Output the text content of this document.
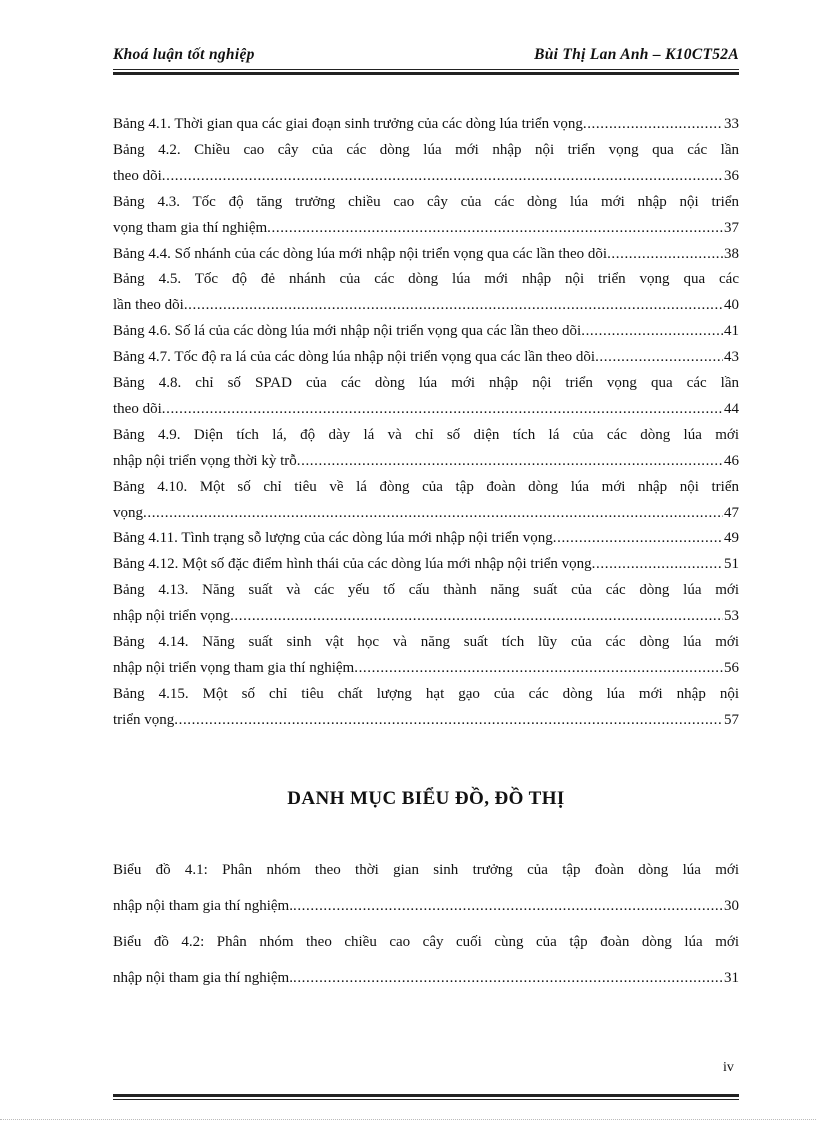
Khoá luận tốt nghiệp	Bùi Thị Lan Anh – K10CT52A
Bảng 4.1. Thời gian qua các giai đoạn sinh trưởng của các dòng lúa triển vọng .....	33
Bảng 4.2. Chiều cao cây của các dòng lúa mới nhập nội triển vọng qua các lần
theo dõi .....	36
Bảng 4.3. Tốc độ tăng trưởng chiều cao cây của các dòng lúa mới nhập nội triển
vọng tham gia thí nghiệm .....	37
Bảng 4.4. Số nhánh của các dòng lúa mới nhập nội triển vọng qua các lần theo dõi .....	38
Bảng 4.5. Tốc độ đẻ nhánh của các dòng lúa mới nhập nội triển vọng qua các
lần theo dõi .....	40
Bảng 4.6. Số lá của các dòng lúa mới nhập nội triển vọng qua các lần theo dõi .....	41
Bảng 4.7. Tốc độ ra lá của các dòng lúa nhập nội triển vọng qua các lần theo dõi .....	43
Bảng 4.8. chỉ số SPAD của các dòng lúa mới nhập nội triển vọng qua các lần
theo dõi .....	44
Bảng 4.9. Diện tích lá, độ dày lá và chỉ số diện tích lá của các dòng lúa mới
nhập nội triển vọng thời kỳ trỗ .....	46
Bảng 4.10. Một số chỉ tiêu về lá đòng của tập đoàn dòng lúa mới nhập nội triển
vọng .....	47
Bảng 4.11. Tình trạng sỗ lượng của các dòng lúa mới nhập nội triển vọng .....	49
Bảng 4.12. Một số đặc điểm hình thái của các dòng lúa mới nhập nội triển vọng .....	51
Bảng 4.13. Năng suất và các yếu tố cấu thành năng suất của các dòng lúa mới
nhập nội triển vọng .....	53
Bảng 4.14. Năng suất sinh vật học và năng suất tích lũy của các dòng lúa mới
nhập nội triển vọng tham gia thí nghiệm .....	56
Bảng 4.15. Một số chỉ tiêu chất lượng hạt gạo của các dòng lúa mới nhập nội
triển vọng .....	57
DANH MỤC BIỂU ĐỒ, ĐỒ THỊ
Biểu đồ 4.1: Phân nhóm theo thời gian sinh trưởng của tập đoàn dòng lúa mới
nhập nội tham gia thí nghiệm. .....	30
Biểu đồ 4.2: Phân nhóm theo chiều cao cây cuối cùng của tập đoàn dòng lúa mới
nhập nội tham gia thí nghiệm. .....	31
iv
